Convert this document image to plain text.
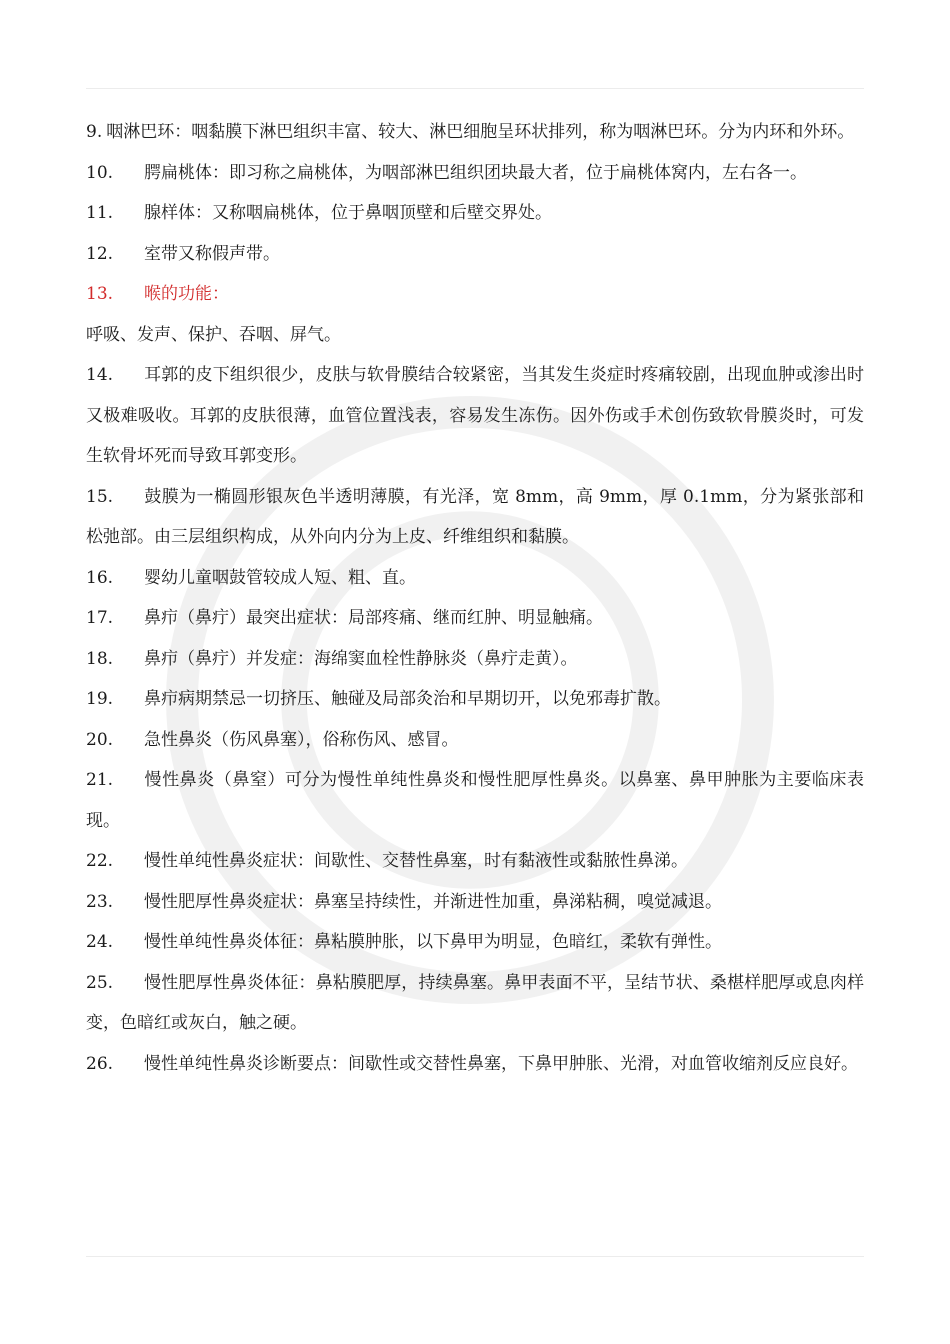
9. 咽淋巴环：咽黏膜下淋巴组织丰富、较大、淋巴细胞呈环状排列，称为咽淋巴环。分为内环和外环。

10. 腭扁桃体：即习称之扁桃体，为咽部淋巴组织团块最大者，位于扁桃体窝内，左右各一。

11. 腺样体：又称咽扁桃体，位于鼻咽顶壁和后壁交界处。

12. 室带又称假声带。

13. 喉的功能：

呼吸、发声、保护、吞咽、屏气。

14. 耳郭的皮下组织很少，皮肤与软骨膜结合较紧密，当其发生炎症时疼痛较剧，出现血肿或渗出时又极难吸收。耳郭的皮肤很薄，血管位置浅表，容易发生冻伤。因外伤或手术创伤致软骨膜炎时，可发生软骨坏死而导致耳郭变形。

15. 鼓膜为一椭圆形银灰色半透明薄膜，有光泽，宽 8mm，高 9mm，厚 0.1mm，分为紧张部和松弛部。由三层组织构成，从外向内分为上皮、纤维组织和黏膜。

16. 婴幼儿童咽鼓管较成人短、粗、直。

17. 鼻疖（鼻疔）最突出症状：局部疼痛、继而红肿、明显触痛。

18. 鼻疖（鼻疔）并发症：海绵窦血栓性静脉炎（鼻疔走黄）。

19. 鼻疖病期禁忌一切挤压、触碰及局部灸治和早期切开，以免邪毒扩散。

20. 急性鼻炎（伤风鼻塞），俗称伤风、感冒。

21. 慢性鼻炎（鼻窒）可分为慢性单纯性鼻炎和慢性肥厚性鼻炎。以鼻塞、鼻甲肿胀为主要临床表现。

22. 慢性单纯性鼻炎症状：间歇性、交替性鼻塞，时有黏液性或黏脓性鼻涕。

23. 慢性肥厚性鼻炎症状：鼻塞呈持续性，并渐进性加重，鼻涕粘稠，嗅觉减退。

24. 慢性单纯性鼻炎体征：鼻粘膜肿胀，以下鼻甲为明显，色暗红，柔软有弹性。

25. 慢性肥厚性鼻炎体征：鼻粘膜肥厚，持续鼻塞。鼻甲表面不平，呈结节状、桑椹样肥厚或息肉样变，色暗红或灰白，触之硬。

26. 慢性单纯性鼻炎诊断要点：间歇性或交替性鼻塞，下鼻甲肿胀、光滑，对血管收缩剂反应良好。
